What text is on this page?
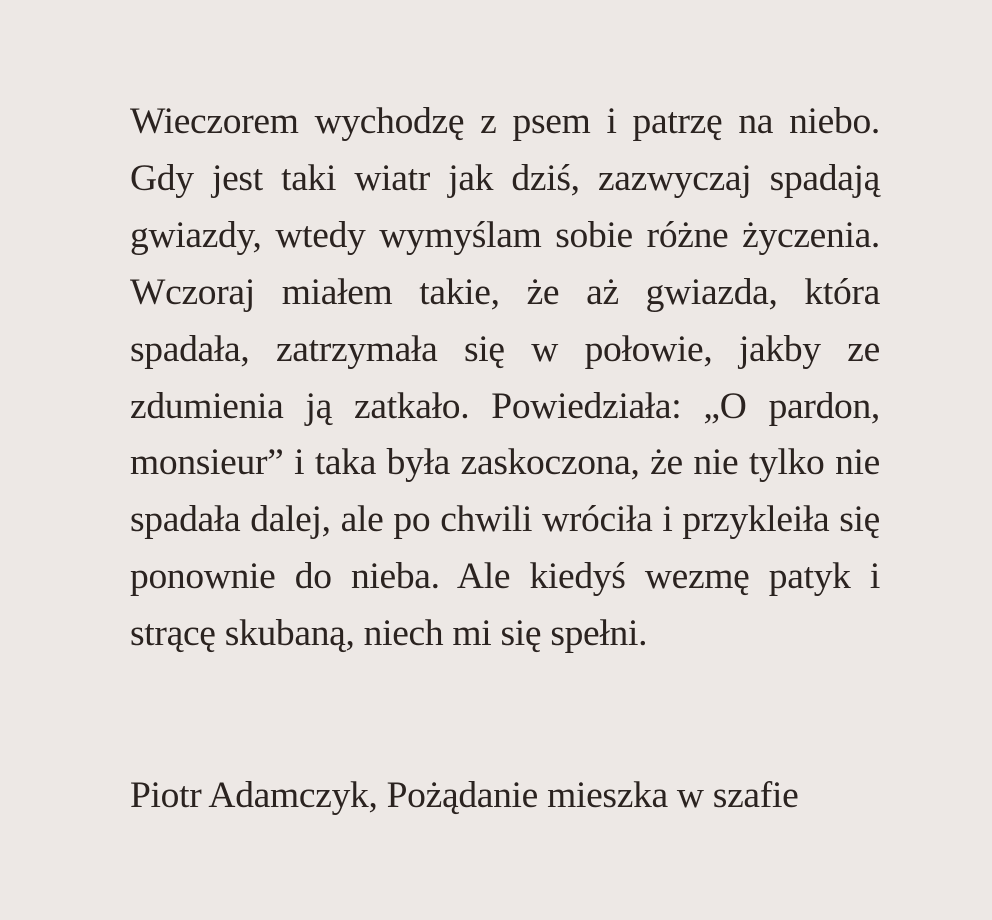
Wieczorem wychodzę z psem i patrzę na niebo. Gdy jest taki wiatr jak dziś, zazwyczaj spadają gwiazdy, wtedy wymyślam sobie różne życzenia. Wczoraj miałem takie, że aż gwiazda, która spadała, zatrzymała się w połowie, jakby ze zdumienia ją zatkało. Powiedziała: „O pardon, monsieur” i taka była zaskoczona, że nie tylko nie spadała dalej, ale po chwili wróciła i przykleiła się ponownie do nieba. Ale kiedyś wezmę patyk i strącę skubaną, niech mi się spełni.

Piotr Adamczyk, Pożądanie mieszka w szafie
